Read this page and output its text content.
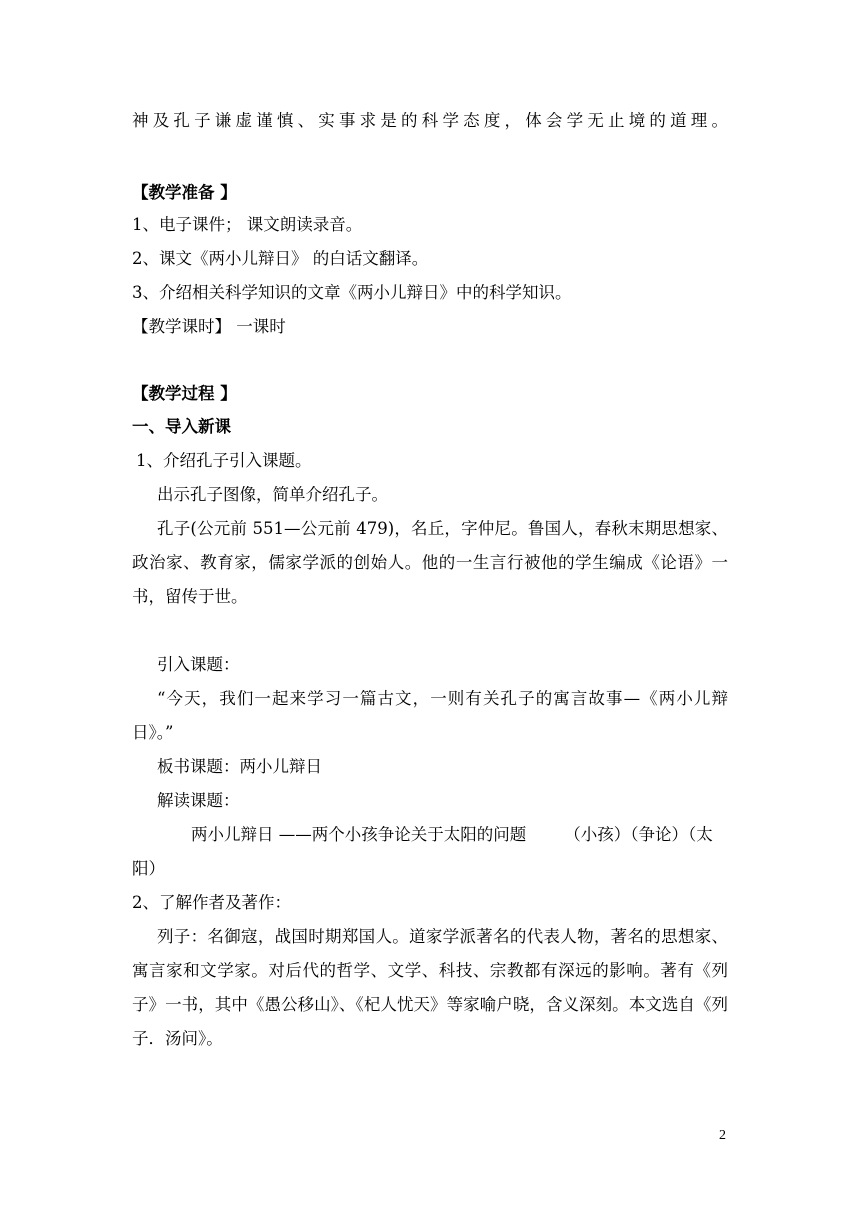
神及孔子谦虚谨慎、实事求是的科学态度，体会学无止境的道理。
【教学准备 】
1、电子课件； 课文朗读录音。
2、课文《两小儿辩日》 的白话文翻译。
3、介绍相关科学知识的文章《两小儿辩日》中的科学知识。
【教学课时】 一课时
【教学过程 】
一、导入新课
1、介绍孔子引入课题。
出示孔子图像，简单介绍孔子。
孔子(公元前 551—公元前 479)，名丘，字仲尼。鲁国人，春秋末期思想家、
政治家、教育家，儒家学派的创始人。他的一生言行被他的学生编成《论语》一
书，留传于世。
引入课题：
“今天，我们一起来学习一篇古文，一则有关孔子的寓言故事—《两小儿辩
日》。”
板书课题：两小儿辩日
解读课题：
两小儿辩日 ——两个小孩争论关于太阳的问题 （小孩）（争论）（太
阳）
2、了解作者及著作：
列子：名御寇，战国时期郑国人。道家学派著名的代表人物，著名的思想家、
寓言家和文学家。对后代的哲学、文学、科技、宗教都有深远的影响。著有《列
子》一书，其中《愚公移山》、《杞人忧天》等家喻户晓，含义深刻。本文选自《列
子．汤问》。
2
